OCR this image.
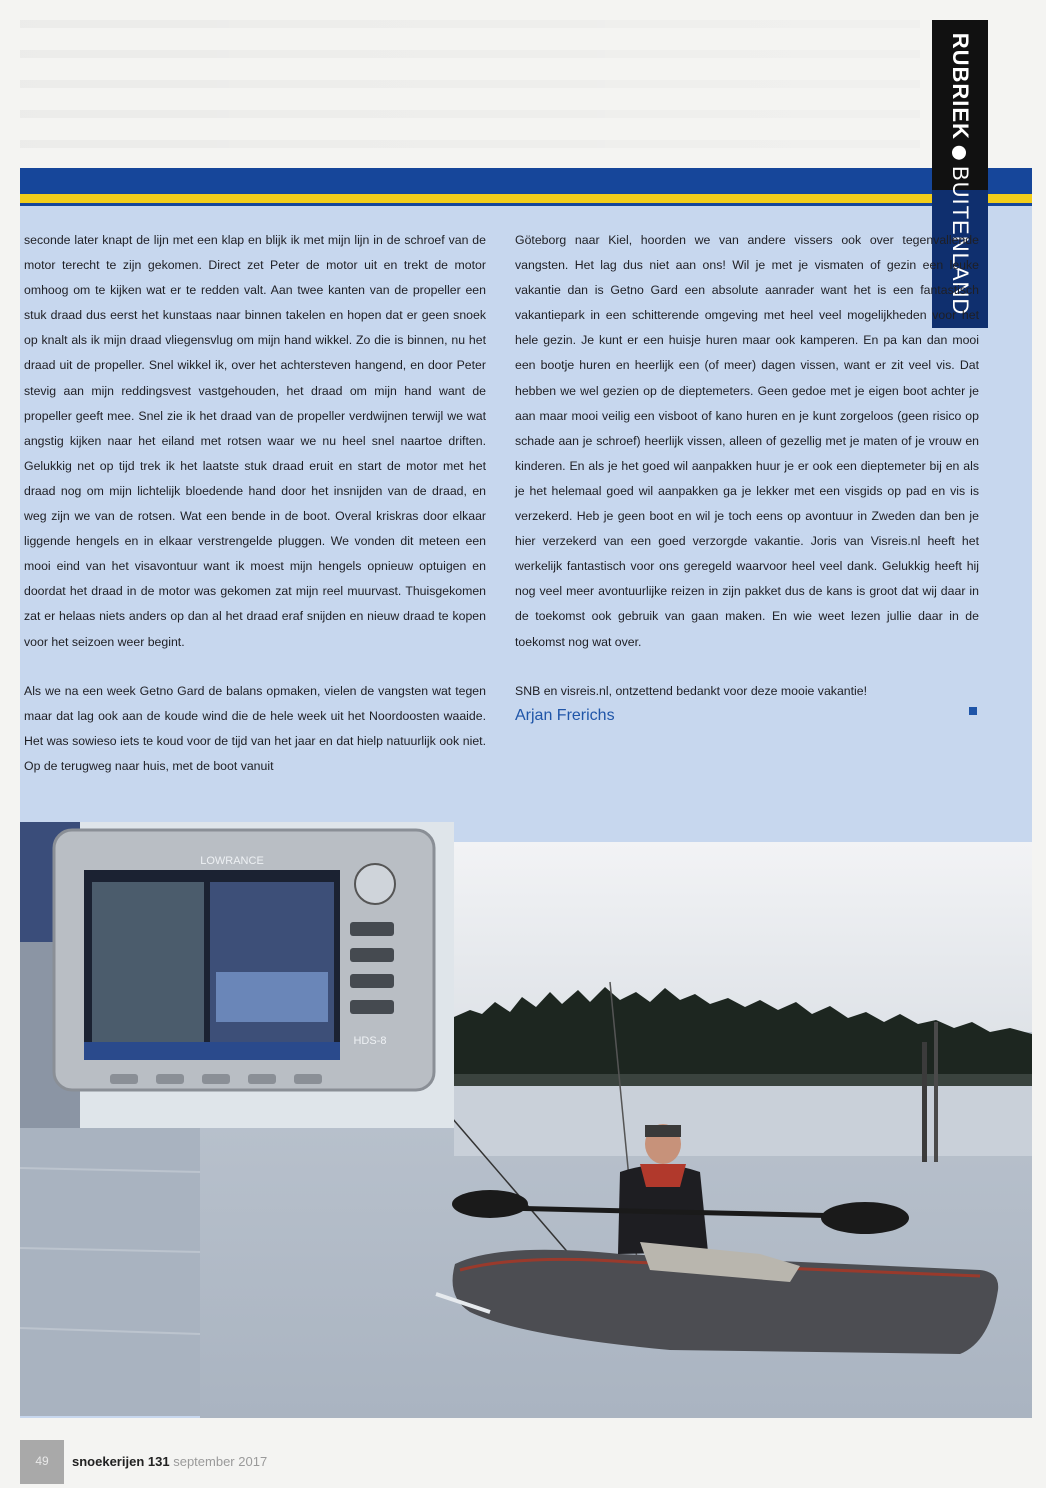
RUBRIEKBUITENLAND

seconde later knapt de lijn met een klap en blijk ik met mijn lijn in de schroef van de motor terecht te zijn gekomen. Direct zet Peter de motor uit en trekt de motor omhoog om te kijken wat er te redden valt. Aan twee kanten van de propeller een stuk draad dus eerst het kunstaas naar binnen takelen en hopen dat er geen snoek op knalt als ik mijn draad vliegensvlug om mijn hand wikkel. Zo die is binnen, nu het draad uit de propeller. Snel wikkel ik, over het achtersteven hangend, en door Peter stevig aan mijn reddingsvest vastgehouden, het draad om mijn hand want de propeller geeft mee. Snel zie ik het draad van de propeller verdwijnen terwijl we wat angstig kijken naar het eiland met rotsen waar we nu heel snel naartoe driften. Gelukkig net op tijd trek ik het laatste stuk draad eruit en start de motor met het draad nog om mijn lichtelijk bloedende hand door het insnijden van de draad, en weg zijn we van de rotsen. Wat een bende in de boot. Overal kriskras door elkaar liggende hengels en in elkaar verstrengelde pluggen. We vonden dit meteen een mooi eind van het visavontuur want ik moest mijn hengels opnieuw optuigen en doordat het draad in de motor was gekomen zat mijn reel muurvast. Thuisgekomen zat er helaas niets anders op dan al het draad eraf snijden en nieuw draad te kopen voor het seizoen weer begint.

Als we na een week Getno Gard de balans opmaken, vielen de vangsten wat tegen maar dat lag ook aan de koude wind die de hele week uit het Noordoosten waaide. Het was sowieso iets te koud voor de tijd van het jaar en dat hielp natuurlijk ook niet. Op de terugweg naar huis, met de boot vanuit

Göteborg naar Kiel, hoorden we van andere vissers ook over tegenvallende vangsten. Het lag dus niet aan ons! Wil je met je vismaten of gezin een leuke vakantie dan is Getno Gard een absolute aanrader want het is een fantastisch vakantiepark in een schitterende omgeving met heel veel mogelijkheden voor het hele gezin. Je kunt er een huisje huren maar ook kamperen. En pa kan dan mooi een bootje huren en heerlijk een (of meer) dagen vissen, want er zit veel vis. Dat hebben we wel gezien op de dieptemeters. Geen gedoe met je eigen boot achter je aan maar mooi veilig een visboot of kano huren en je kunt zorgeloos (geen risico op schade aan je schroef) heerlijk vissen, alleen of gezellig met je maten of je vrouw en kinderen. En als je het goed wil aanpakken huur je er ook een dieptemeter bij en als je het helemaal goed wil aanpakken ga je lekker met een visgids op pad en vis is verzekerd. Heb je geen boot en wil je toch eens op avontuur in Zweden dan ben je hier verzekerd van een goed verzorgde vakantie. Joris van Visreis.nl heeft het werkelijk fantastisch voor ons geregeld waarvoor heel veel dank. Gelukkig heeft hij nog veel meer avontuurlijke reizen in zijn pakket dus de kans is groot dat wij daar in de toekomst ook gebruik van gaan maken. En wie weet lezen jullie daar in de toekomst nog wat over.

SNB en visreis.nl, ontzettend bedankt voor deze mooie vakantie!

Arjan Frerichs
LOWRANCE
HDS-8
49	snoekerijen 131 september 2017
